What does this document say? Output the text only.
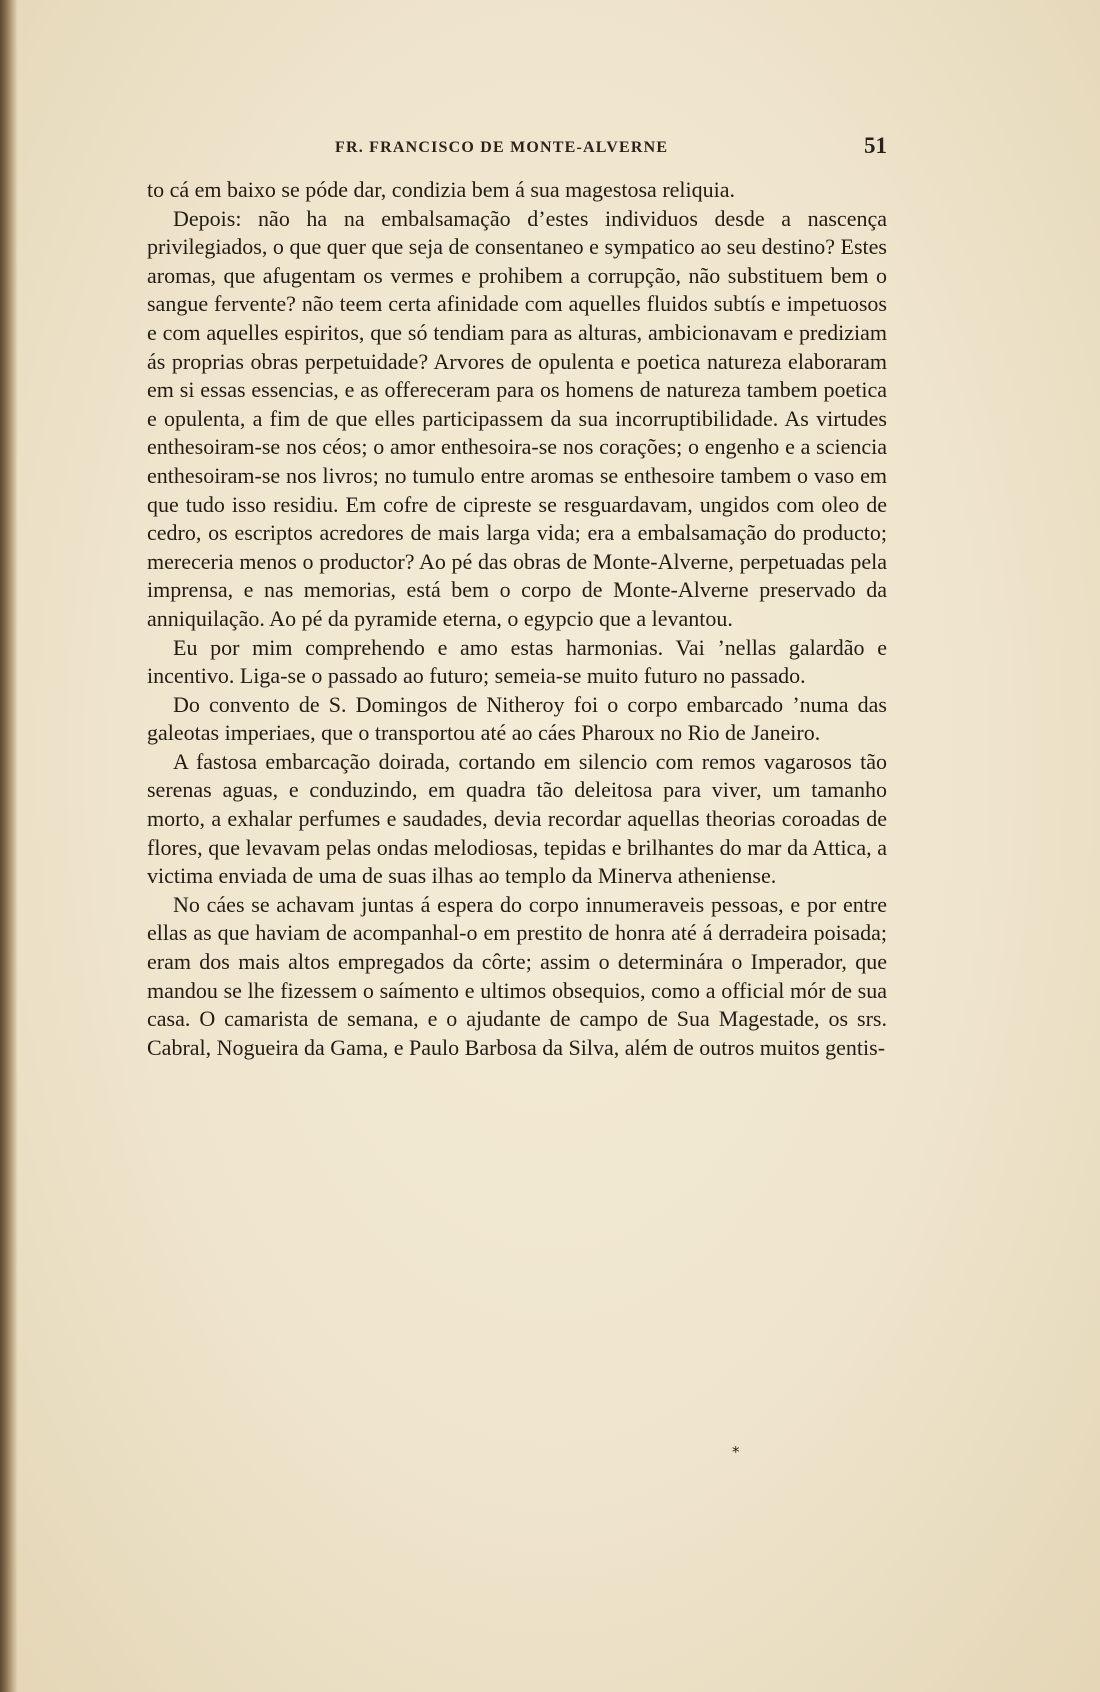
FR. FRANCISCO DE MONTE-ALVERNE	51

to cá em baixo se póde dar, condizia bem á sua magestosa reliquia.

Depois: não ha na embalsamação d’estes individuos desde a nascença privilegiados, o que quer que seja de consentaneo e sympatico ao seu destino? Estes aromas, que afugentam os vermes e prohibem a corrupção, não substituem bem o sangue fervente? não teem certa afinidade com aquelles fluidos subtís e impetuosos e com aquelles espiritos, que só tendiam para as alturas, ambicionavam e prediziam ás proprias obras perpetuidade? Arvores de opulenta e poetica natureza elaboraram em si essas essencias, e as offereceram para os homens de natureza tambem poetica e opulenta, a fim de que elles participassem da sua incorruptibilidade. As virtudes enthesoiram-se nos céos; o amor enthesoira-se nos corações; o engenho e a sciencia enthesoiram-se nos livros; no tumulo entre aromas se enthesoire tambem o vaso em que tudo isso residiu. Em cofre de cipreste se resguardavam, ungidos com oleo de cedro, os escriptos acredores de mais larga vida; era a embalsamação do producto; mereceria menos o productor? Ao pé das obras de Monte-Alverne, perpetuadas pela imprensa, e nas memorias, está bem o corpo de Monte-Alverne preservado da anniquilação. Ao pé da pyramide eterna, o egypcio que a levantou.

Eu por mim comprehendo e amo estas harmonias. Vai ’nellas galardão e incentivo. Liga-se o passado ao futuro; semeia-se muito futuro no passado.

Do convento de S. Domingos de Nitheroy foi o corpo embarcado ’numa das galeotas imperiaes, que o transportou até ao cáes Pharoux no Rio de Janeiro.

A fastosa embarcação doirada, cortando em silencio com remos vagarosos tão serenas aguas, e conduzindo, em quadra tão deleitosa para viver, um tamanho morto, a exhalar perfumes e saudades, devia recordar aquellas theorias coroadas de flores, que levavam pelas ondas melodiosas, tepidas e brilhantes do mar da Attica, a victima enviada de uma de suas ilhas ao templo da Minerva atheniense.

No cáes se achavam juntas á espera do corpo innumeraveis pessoas, e por entre ellas as que haviam de acompanhal-o em prestito de honra até á derradeira poisada; eram dos mais altos empregados da côrte; assim o determinára o Imperador, que mandou se lhe fizessem o saímento e ultimos obsequios, como a official mór de sua casa. O camarista de semana, e o ajudante de campo de Sua Magestade, os srs. Cabral, Nogueira da Gama, e Paulo Barbosa da Silva, além de outros muitos gentis-

*
